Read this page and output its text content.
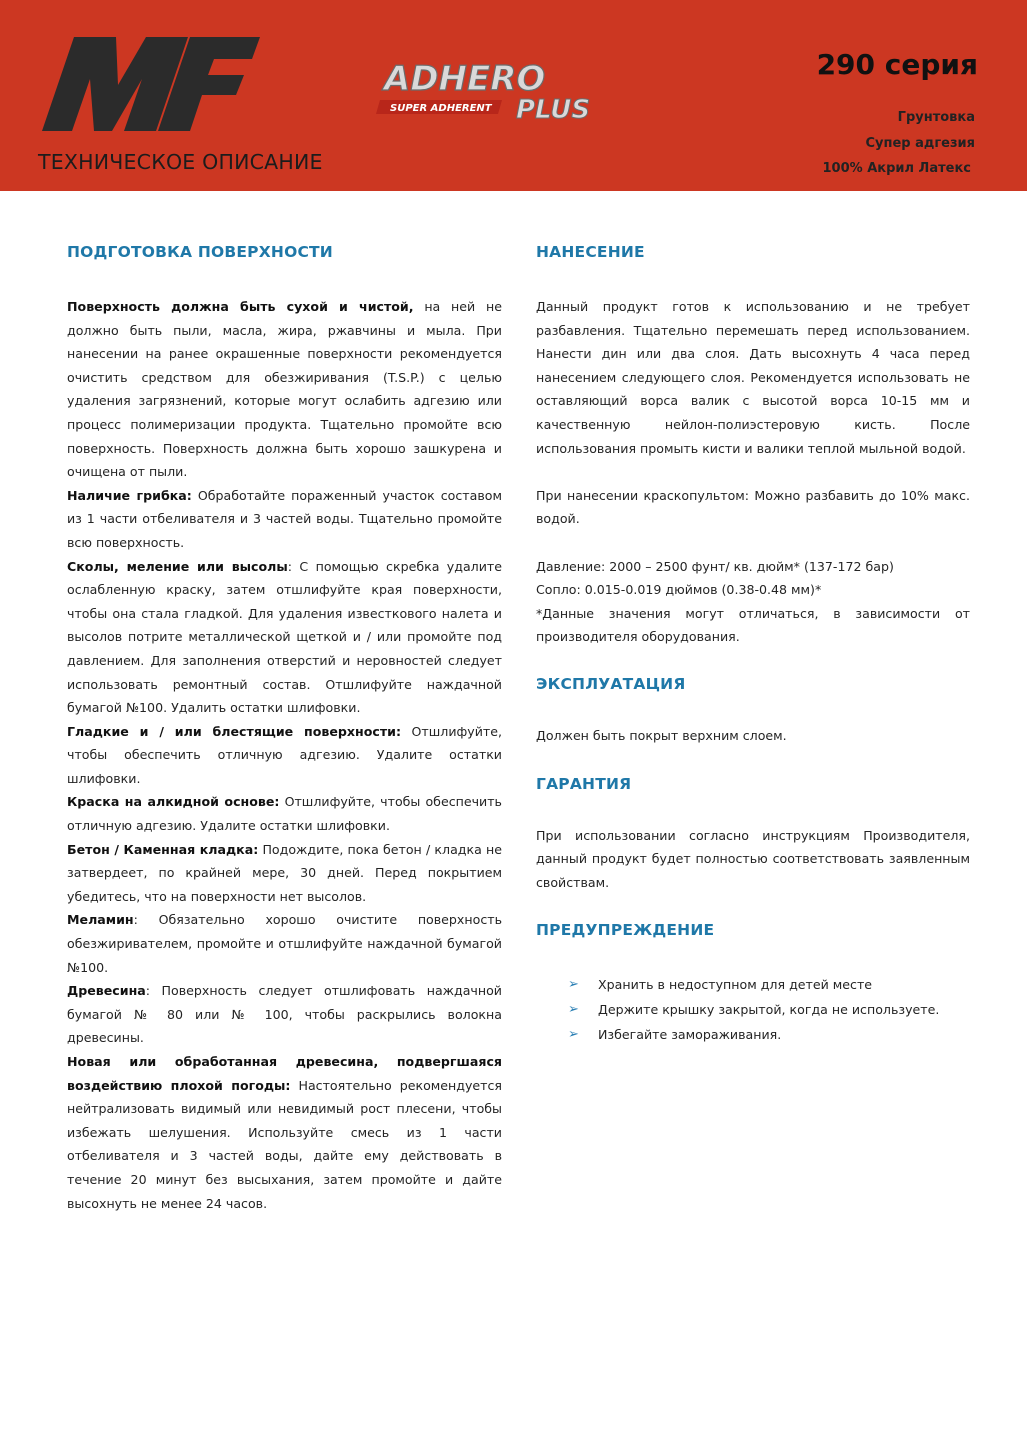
MF
ТЕХНИЧЕСКОЕ ОПИСАНИЕ
ADHERO
SUPER ADHERENT PLUS
290 серия
Грунтовка
Супер адгезия
100% Акрил Латекс
ПОДГОТОВКА ПОВЕРХНОСТИ

Поверхность должна быть сухой и чистой, на ней не должно быть пыли, масла, жира, ржавчины и мыла. При нанесении на ранее окрашенные поверхности рекомендуется очистить средством для обезжиривания (T.S.P.) с целью удаления загрязнений, которые могут ослабить адгезию или процесс полимеризации продукта. Тщательно промойте всю поверхность. Поверхность должна быть хорошо зашкурена и очищена от пыли.

Наличие грибка: Обработайте пораженный участок составом из 1 части отбеливателя и 3 частей воды. Тщательно промойте всю поверхность.

Сколы, меление или высолы: С помощью скребка удалите ослабленную краску, затем отшлифуйте края поверхности, чтобы она стала гладкой. Для удаления известкового налета и высолов потрите металлической щеткой и / или промойте под давлением. Для заполнения отверстий и неровностей следует использовать ремонтный состав. Отшлифуйте наждачной бумагой №100. Удалить остатки шлифовки.

Гладкие и / или блестящие поверхности: Отшлифуйте, чтобы обеспечить отличную адгезию. Удалите остатки шлифовки.

Краска на алкидной основе: Отшлифуйте, чтобы обеспечить отличную адгезию. Удалите остатки шлифовки.

Бетон / Каменная кладка: Подождите, пока бетон / кладка не затвердеет, по крайней мере, 30 дней. Перед покрытием убедитесь, что на поверхности нет высолов.

Меламин: Обязательно хорошо очистите поверхность обезжиривателем, промойте и отшлифуйте наждачной бумагой №100.

Древесина: Поверхность следует отшлифовать наждачной бумагой № 80 или № 100, чтобы раскрылись волокна древесины.

Новая или обработанная древесина, подвергшаяся воздействию плохой погоды: Настоятельно рекомендуется нейтрализовать видимый или невидимый рост плесени, чтобы избежать шелушения. Используйте смесь из 1 части отбеливателя и 3 частей воды, дайте ему действовать в течение 20 минут без высыхания, затем промойте и дайте высохнуть не менее 24 часов.

НАНЕСЕНИЕ

Данный продукт готов к использованию и не требует разбавления. Тщательно перемешать перед использованием. Нанести дин или два слоя. Дать высохнуть 4 часа перед нанесением следующего слоя. Рекомендуется использовать не оставляющий ворса валик с высотой ворса 10-15 мм и качественную нейлон-полиэстеровую кисть. После использования промыть кисти и валики теплой мыльной водой.

При нанесении краскопультом: Можно разбавить до 10% макс. водой.

Давление: 2000 – 2500 фунт/ кв. дюйм* (137-172 бар)

Сопло: 0.015-0.019 дюймов (0.38-0.48 мм)*

*Данные значения могут отличаться, в зависимости от производителя оборудования.

ЭКСПЛУАТАЦИЯ

Должен быть покрыт верхним слоем.

ГАРАНТИЯ

При использовании согласно инструкциям Производителя, данный продукт будет полностью соответствовать заявленным свойствам.

ПРЕДУПРЕЖДЕНИЕ
➢ Хранить в недоступном для детей месте
➢ Держите крышку закрытой, когда не используете.
➢ Избегайте замораживания.
